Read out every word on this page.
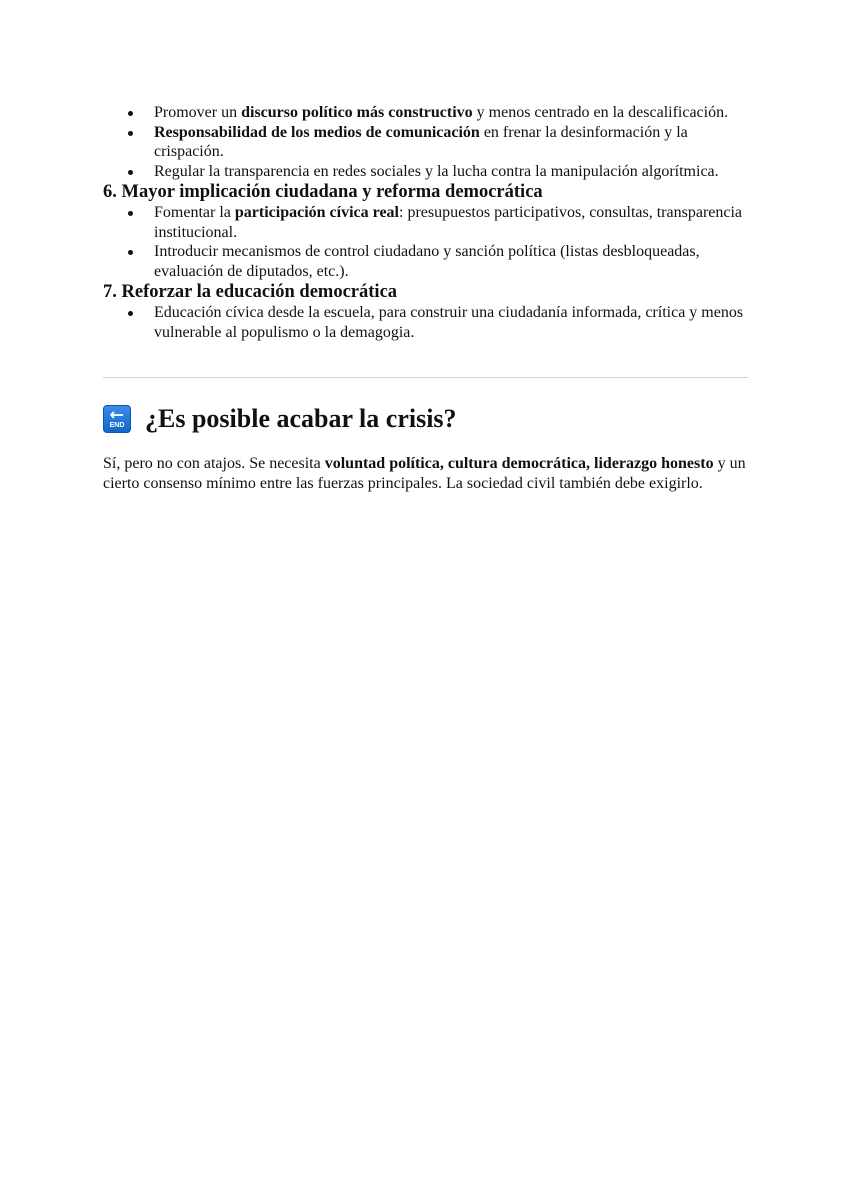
Promover un discurso político más constructivo y menos centrado en la descalificación.
Responsabilidad de los medios de comunicación en frenar la desinformación y la crispación.
Regular la transparencia en redes sociales y la lucha contra la manipulación algorítmica.
6. Mayor implicación ciudadana y reforma democrática
Fomentar la participación cívica real: presupuestos participativos, consultas, transparencia institucional.
Introducir mecanismos de control ciudadano y sanción política (listas desbloqueadas, evaluación de diputados, etc.).
7. Reforzar la educación democrática
Educación cívica desde la escuela, para construir una ciudadanía informada, crítica y menos vulnerable al populismo o la demagogia.
END ¿Es posible acabar la crisis?

Sí, pero no con atajos. Se necesita voluntad política, cultura democrática, liderazgo honesto y un cierto consenso mínimo entre las fuerzas principales. La sociedad civil también debe exigirlo.
